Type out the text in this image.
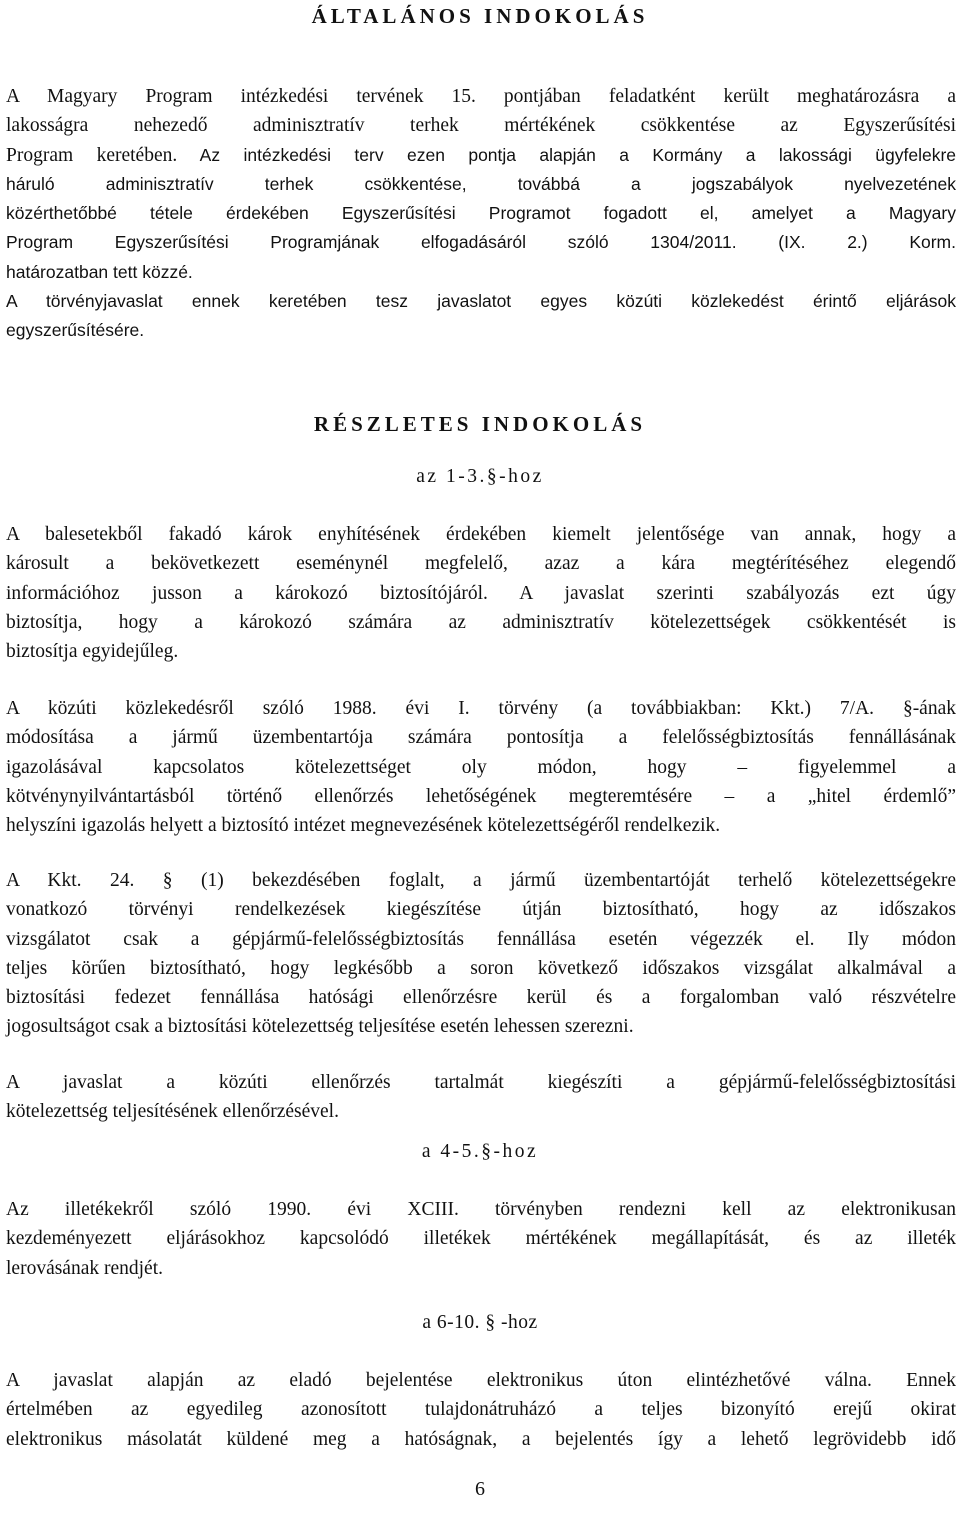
ÁLTALÁNOS INDOKOLÁS

A Magyary Program intézkedési tervének 15. pontjában feladatként került meghatározásra a

lakosságra nehezedő adminisztratív terhek mértékének csökkentése az Egyszerűsítési

Program keretében. Az intézkedési terv ezen pontja alapján a Kormány a lakossági ügyfelekre

háruló adminisztratív terhek csökkentése, továbbá a jogszabályok nyelvezetének

közérthetőbbé tétele érdekében Egyszerűsítési Programot fogadott el, amelyet a Magyary

Program Egyszerűsítési Programjának elfogadásáról szóló 1304/2011. (IX. 2.) Korm.

határozatban tett közzé.

A törvényjavaslat ennek keretében tesz javaslatot egyes közúti közlekedést érintő eljárások

egyszerűsítésére.

RÉSZLETES INDOKOLÁS
az 1-3.§-hoz

A balesetekből fakadó károk enyhítésének érdekében kiemelt jelentősége van annak, hogy a

károsult a bekövetkezett eseménynél megfelelő, azaz a kára megtérítéséhez elegendő

információhoz jusson a károkozó biztosítójáról. A javaslat szerinti szabályozás ezt úgy

biztosítja, hogy a károkozó számára az adminisztratív kötelezettségek csökkentését is

biztosítja egyidejűleg.

A közúti közlekedésről szóló 1988. évi I. törvény (a továbbiakban: Kkt.) 7/A. §-ának

módosítása a jármű üzembentartója számára pontosítja a felelősségbiztosítás fennállásának

igazolásával kapcsolatos kötelezettséget oly módon, hogy – figyelemmel a

kötvénynyilvántartásból történő ellenőrzés lehetőségének megteremtésére – a „hitel érdemlő”

helyszíni igazolás helyett a biztosító intézet megnevezésének kötelezettségéről rendelkezik.

A Kkt. 24. § (1) bekezdésében foglalt, a jármű üzembentartóját terhelő kötelezettségekre

vonatkozó törvényi rendelkezések kiegészítése útján biztosítható, hogy az időszakos

vizsgálatot csak a gépjármű-felelősségbiztosítás fennállása esetén végezzék el. Ily módon

teljes körűen biztosítható, hogy legkésőbb a soron következő időszakos vizsgálat alkalmával a

biztosítási fedezet fennállása hatósági ellenőrzésre kerül és a forgalomban való részvételre

jogosultságot csak a biztosítási kötelezettség teljesítése esetén lehessen szerezni.

A javaslat a közúti ellenőrzés tartalmát kiegészíti a gépjármű-felelősségbiztosítási

kötelezettség teljesítésének ellenőrzésével.

a 4-5.§-hoz

Az illetékekről szóló 1990. évi XCIII. törvényben rendezni kell az elektronikusan

kezdeményezett eljárásokhoz kapcsolódó illetékek mértékének megállapítását, és az illeték

lerovásának rendjét.

a 6-10. § -hoz

A javaslat alapján az eladó bejelentése elektronikus úton elintézhetővé válna. Ennek

értelmében az egyedileg azonosított tulajdonátruházó a teljes bizonyító erejű okirat

elektronikus másolatát küldené meg a hatóságnak, a bejelentés így a lehető legrövidebb idő

6
